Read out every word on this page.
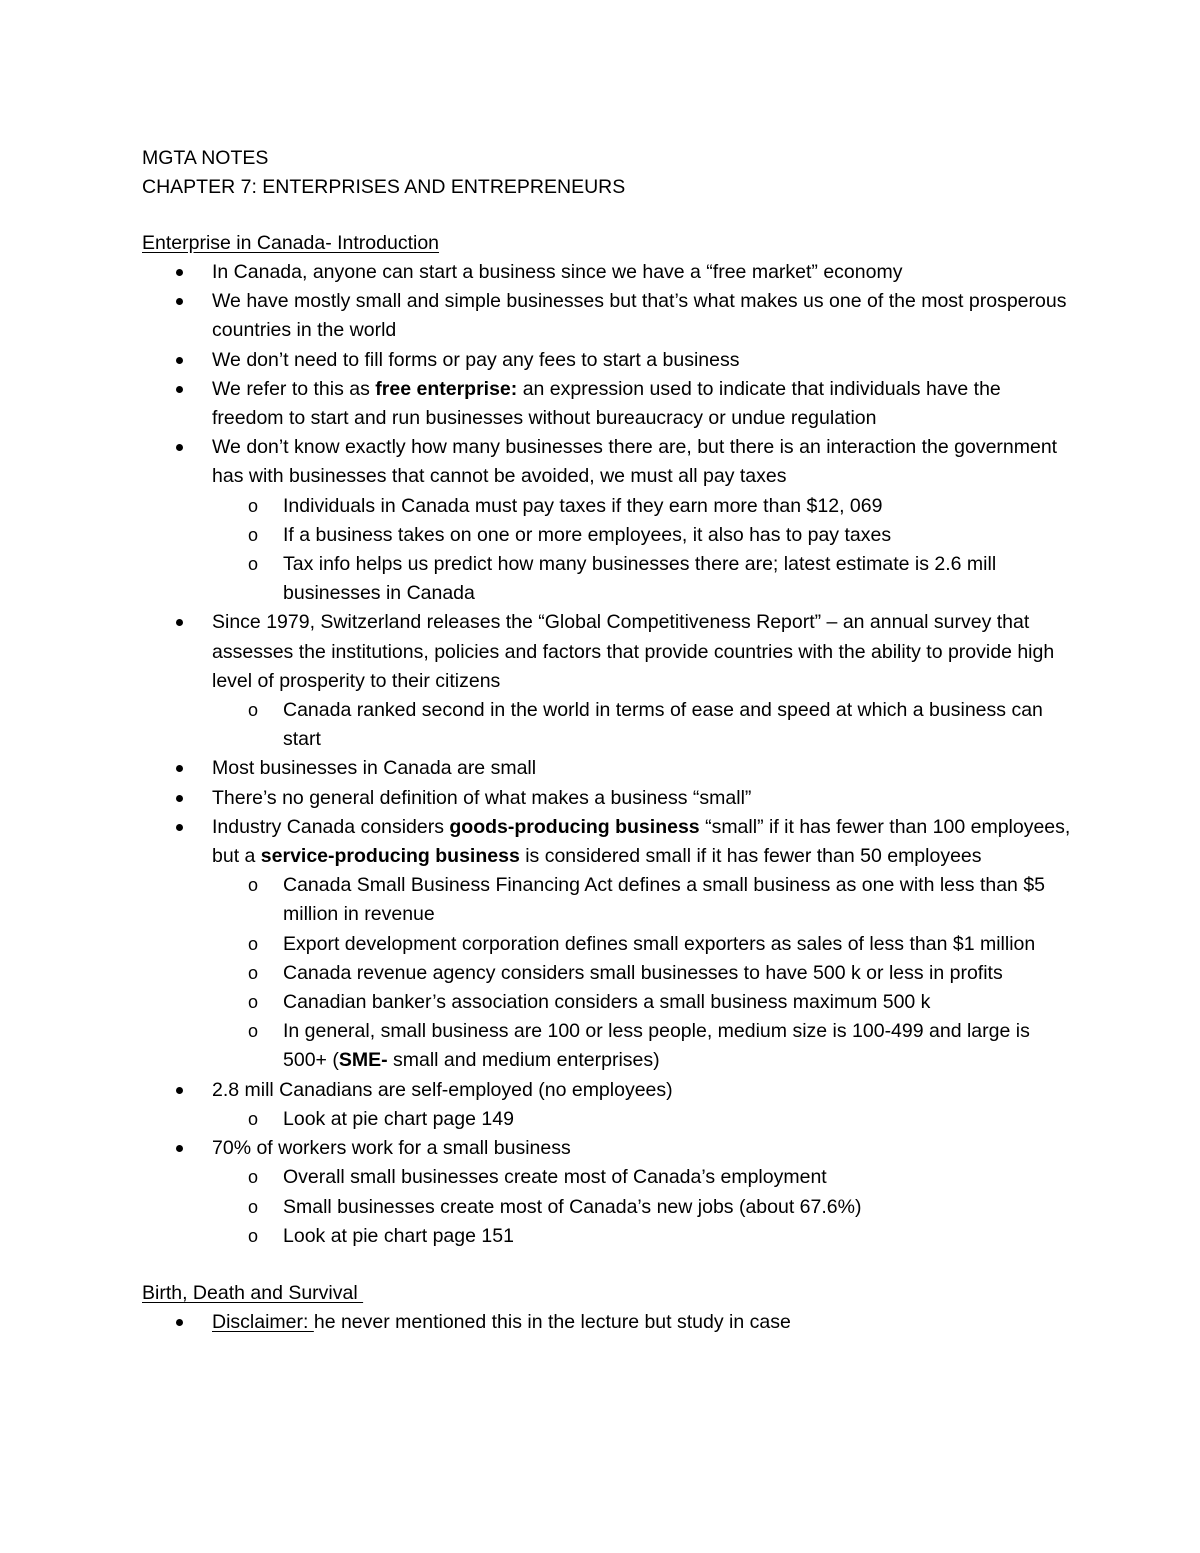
MGTA NOTES
CHAPTER 7: ENTERPRISES AND ENTREPRENEURS
Enterprise in Canada- Introduction
In Canada, anyone can start a business since we have a “free market” economy
We have mostly small and simple businesses but that’s what makes us one of the most prosperous countries in the world
We don’t need to fill forms or pay any fees to start a business
We refer to this as free enterprise: an expression used to indicate that individuals have the freedom to start and run businesses without bureaucracy or undue regulation
We don’t know exactly how many businesses there are, but there is an interaction the government has with businesses that cannot be avoided, we must all pay taxes
o Individuals in Canada must pay taxes if they earn more than $12, 069
o If a business takes on one or more employees, it also has to pay taxes
o Tax info helps us predict how many businesses there are; latest estimate is 2.6 mill businesses in Canada
Since 1979, Switzerland releases the “Global Competitiveness Report” – an annual survey that assesses the institutions, policies and factors that provide countries with the ability to provide high level of prosperity to their citizens
o Canada ranked second in the world in terms of ease and speed at which a business can start
Most businesses in Canada are small
There’s no general definition of what makes a business “small”
Industry Canada considers goods-producing business “small” if it has fewer than 100 employees, but a service-producing business is considered small if it has fewer than 50 employees
o Canada Small Business Financing Act defines a small business as one with less than $5 million in revenue
o Export development corporation defines small exporters as sales of less than $1 million
o Canada revenue agency considers small businesses to have 500 k or less in profits
o Canadian banker’s association considers a small business maximum 500 k
o In general, small business are 100 or less people, medium size is 100-499 and large is 500+ (SME- small and medium enterprises)
2.8 mill Canadians are self-employed (no employees)
o Look at pie chart page 149
70% of workers work for a small business
o Overall small businesses create most of Canada’s employment
o Small businesses create most of Canada’s new jobs (about 67.6%)
o Look at pie chart page 151
Birth, Death and Survival
Disclaimer: he never mentioned this in the lecture but study in case
